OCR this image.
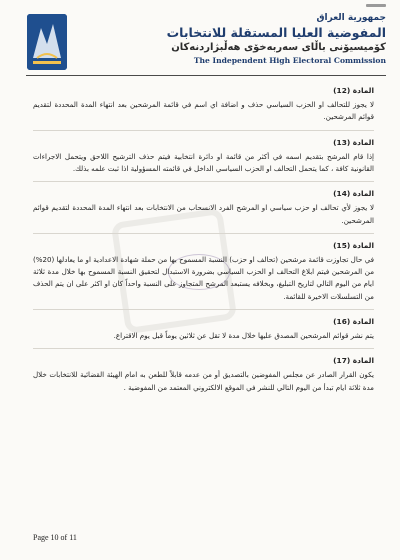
جمهورية العراق
المفوضية العليا المستقلة للانتخابات
كۆميسيۆنى باڵای سه‌ربه‌خۆی هه‌ڵبژاردنه‌كان
The Independent High Electoral Commission

المادة (12)

لا يجوز للتحالف او الحزب السياسي حذف و اضافة اي اسم في قائمة المرشحين بعد انتهاء المدة المحددة لتقديم قوائم المرشحين.

المادة (13)

إذا قام المرشح بتقديم اسمه في أكثر من قائمة او دائرة انتخابية فيتم حذف الترشيح اللاحق ويتحمل الاجراءات القانونية كافة ، كما يتحمل التحالف او الحزب السياسي الداخل في قائمته المسؤولية اذا ثبت علمه بذلك.

المادة (14)

لا يجوز لأي تحالف او حزب سياسي او المرشح الفرد الانسحاب من الانتخابات بعد انتهاء المدة المحددة لتقديم قوائم المرشحين.

المادة (15)

في حال تجاوزت قائمة مرشحين (تحالف او حزب) النسبة المسموح بها من حملة شهادة الاعدادية او ما يعادلها (20%) من المرشحين فيتم ابلاغ التحالف او الحزب السياسي بضرورة الاستبدال لتحقيق النسبة المسموح بها خلال مدة ثلاثة ايام من اليوم التالي لتاريخ التبليغ، وبخلافه يستبعد المرشح المتجاوز على النسبة واحداً كان او اكثر على ان يتم الحذف من التسلسلات الاخيرة للقائمة.

المادة (16)

يتم نشر قوائم المرشحين المصدق عليها خلال مدة لا تقل عن ثلاثين يوماً قبل يوم الاقتراع.

المادة (17)

يكون القرار الصادر عن مجلس المفوضين بالتصديق أو من عدمه قابلاً للطعن به امام الهيئة القضائية للانتخابات خلال مدة ثلاثة ايام تبدأ من اليوم التالي للنشر في الموقع الالكتروني المعتمد من المفوضية .

Page 10 of 11
